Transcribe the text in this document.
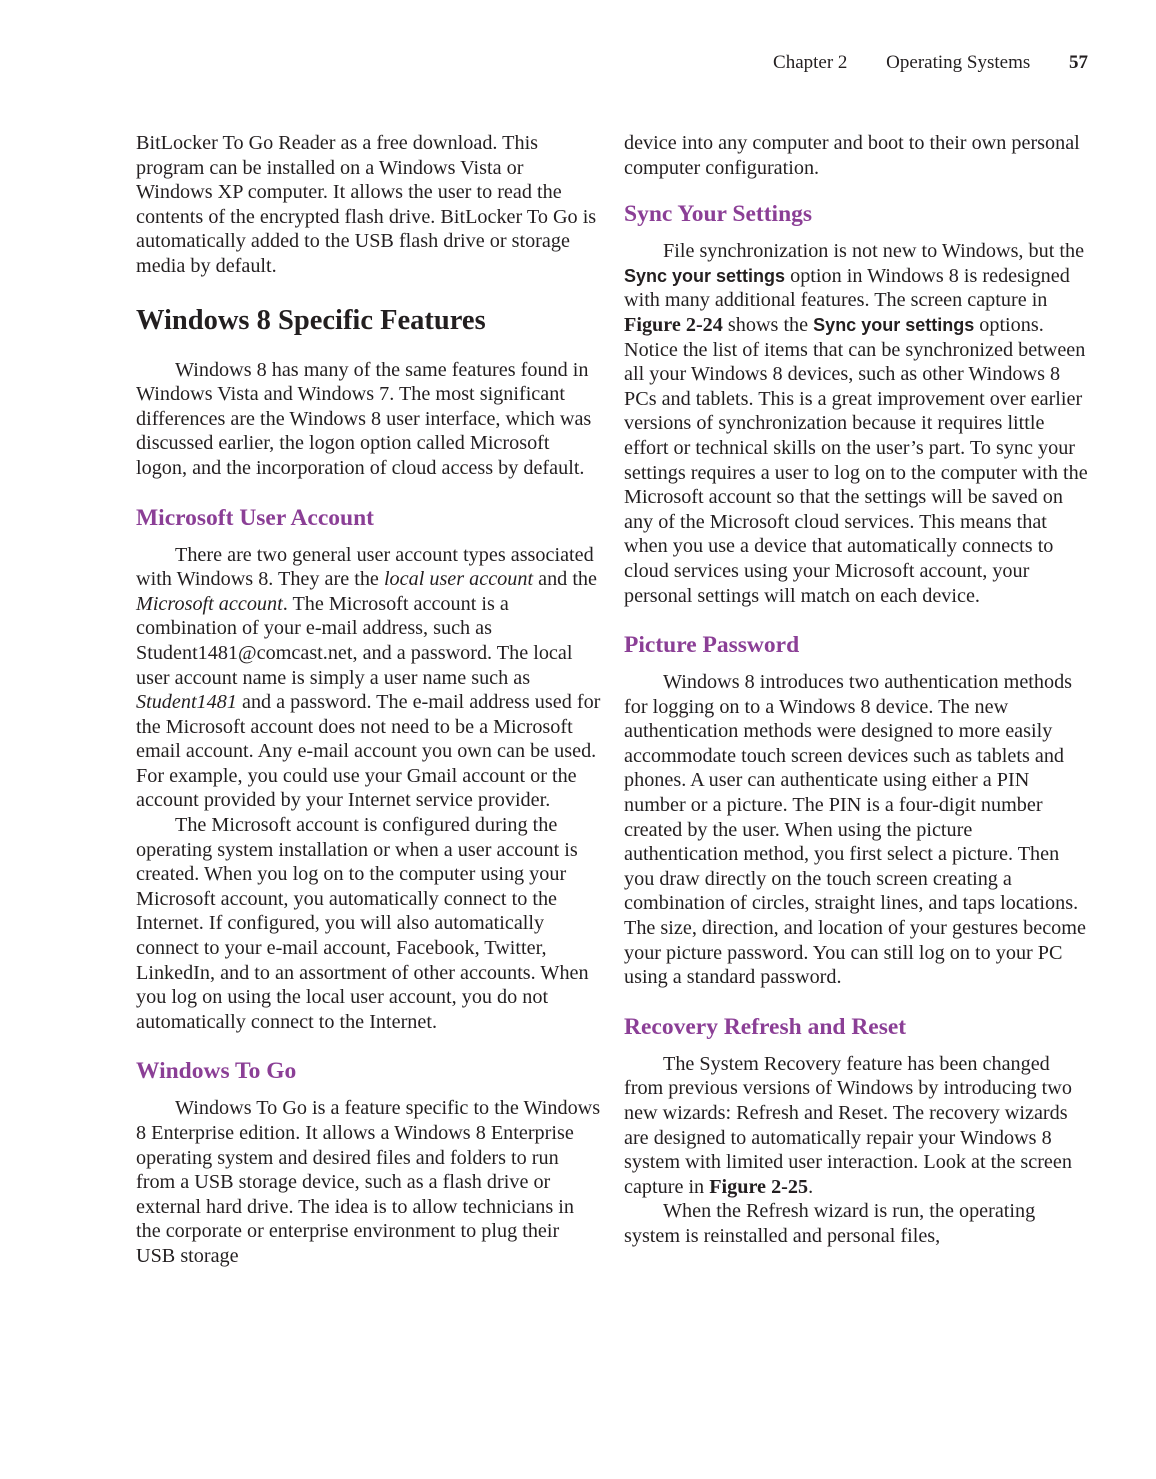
Chapter 2 Operating Systems 57

BitLocker To Go Reader as a free download. This program can be installed on a Windows Vista or Windows XP computer. It allows the user to read the contents of the encrypted flash drive. BitLocker To Go is automatically added to the USB flash drive or storage media by default.

Windows 8 Specific Features

Windows 8 has many of the same features found in Windows Vista and Windows 7. The most significant differences are the Windows 8 user interface, which was discussed earlier, the logon option called Microsoft logon, and the incorporation of cloud access by default.

Microsoft User Account

There are two general user account types associated with Windows 8. They are the local user account and the Microsoft account. The Microsoft account is a combination of your e-mail address, such as Student1481@comcast.net, and a password. The local user account name is simply a user name such as Student1481 and a password. The e-mail address used for the Microsoft account does not need to be a Microsoft email account. Any e-mail account you own can be used. For example, you could use your Gmail account or the account provided by your Internet service provider.

The Microsoft account is configured during the operating system installation or when a user account is created. When you log on to the computer using your Microsoft account, you automatically connect to the Internet. If configured, you will also automatically connect to your e-mail account, Facebook, Twitter, LinkedIn, and to an assortment of other accounts. When you log on using the local user account, you do not automatically connect to the Internet.

Windows To Go

Windows To Go is a feature specific to the Windows 8 Enterprise edition. It allows a Windows 8 Enterprise operating system and desired files and folders to run from a USB storage device, such as a flash drive or external hard drive. The idea is to allow technicians in the corporate or enterprise environment to plug their USB storage

device into any computer and boot to their own personal computer configuration.

Sync Your Settings

File synchronization is not new to Windows, but the Sync your settings option in Windows 8 is redesigned with many additional features. The screen capture in Figure 2-24 shows the Sync your settings options. Notice the list of items that can be synchronized between all your Windows 8 devices, such as other Windows 8 PCs and tablets. This is a great improvement over earlier versions of synchronization because it requires little effort or technical skills on the user’s part. To sync your settings requires a user to log on to the computer with the Microsoft account so that the settings will be saved on any of the Microsoft cloud services. This means that when you use a device that automatically connects to cloud services using your Microsoft account, your personal settings will match on each device.

Picture Password

Windows 8 introduces two authentication methods for logging on to a Windows 8 device. The new authentication methods were designed to more easily accommodate touch screen devices such as tablets and phones. A user can authenticate using either a PIN number or a picture. The PIN is a four-digit number created by the user. When using the picture authentication method, you first select a picture. Then you draw directly on the touch screen creating a combination of circles, straight lines, and taps locations. The size, direction, and location of your gestures become your picture password. You can still log on to your PC using a standard password.

Recovery Refresh and Reset

The System Recovery feature has been changed from previous versions of Windows by introducing two new wizards: Refresh and Reset. The recovery wizards are designed to automatically repair your Windows 8 system with limited user interaction. Look at the screen capture in Figure 2-25.

When the Refresh wizard is run, the operating system is reinstalled and personal files,
